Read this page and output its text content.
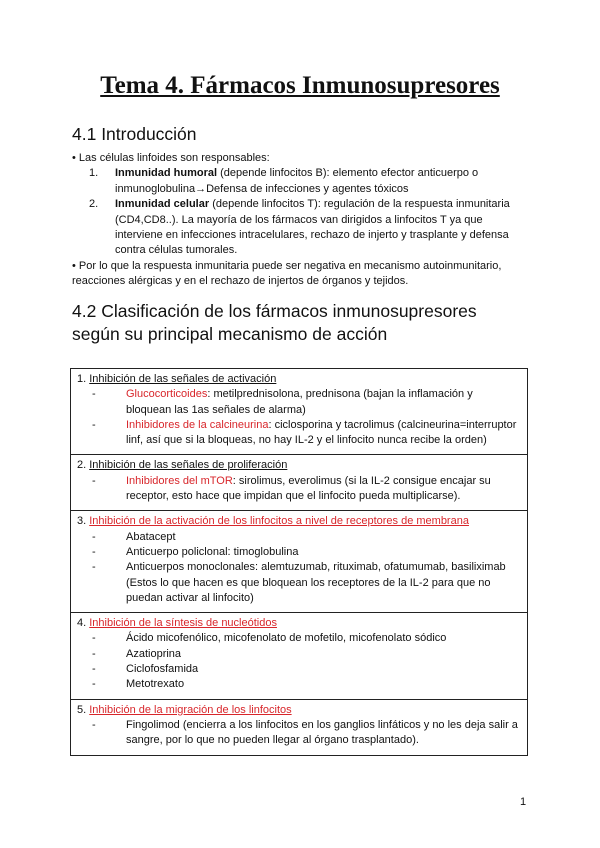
Tema 4. Fármacos Inmunosupresores
4.1 Introducción
• Las células linfoides son responsables:
1.	Inmunidad humoral (depende linfocitos B): elemento efector anticuerpo o inmunoglobulina→Defensa de infecciones y agentes tóxicos
2.	Inmunidad celular (depende linfocitos T): regulación de la respuesta inmunitaria (CD4,CD8..). La mayoría de los fármacos van dirigidos a linfocitos T ya que interviene en infecciones intracelulares, rechazo de injerto y trasplante y defensa contra células tumorales.
• Por lo que la respuesta inmunitaria puede ser negativa en mecanismo autoinmunitario, reacciones alérgicas y en el rechazo de injertos de órganos y tejidos.
4.2 Clasificación de los fármacos inmunosupresores
según su principal mecanismo de acción
1. Inhibición de las señales de activación
-	Glucocorticoides: metilprednisolona, prednisona (bajan la inflamación y bloquean las 1as señales de alarma)
-	Inhibidores de la calcineurina: ciclosporina y tacrolimus (calcineurina=interruptor linf, así que si la bloqueas, no hay IL-2 y el linfocito nunca recibe la orden)
2. Inhibición de las señales de proliferación
-	Inhibidores del mTOR: sirolimus, everolimus (si la IL-2 consigue encajar su receptor, esto hace que impidan que el linfocito pueda multiplicarse).
3. Inhibición de la activación de los linfocitos a nivel de receptores de membrana
-	Abatacept
-	Anticuerpo policlonal: timoglobulina
-	Anticuerpos monoclonales: alemtuzumab, rituximab, ofatumumab, basiliximab (Estos lo que hacen es que bloquean los receptores de la IL-2 para que no puedan activar al linfocito)
4. Inhibición de la síntesis de nucleótidos
-	Ácido micofenólico, micofenolato de mofetilo, micofenolato sódico
-	Azatioprina
-	Ciclofosfamida
-	Metotrexato
5. Inhibición de la migración de los linfocitos
-	Fingolimod (encierra a los linfocitos en los ganglios linfáticos y no les deja salir a sangre, por lo que no pueden llegar al órgano trasplantado).
1
